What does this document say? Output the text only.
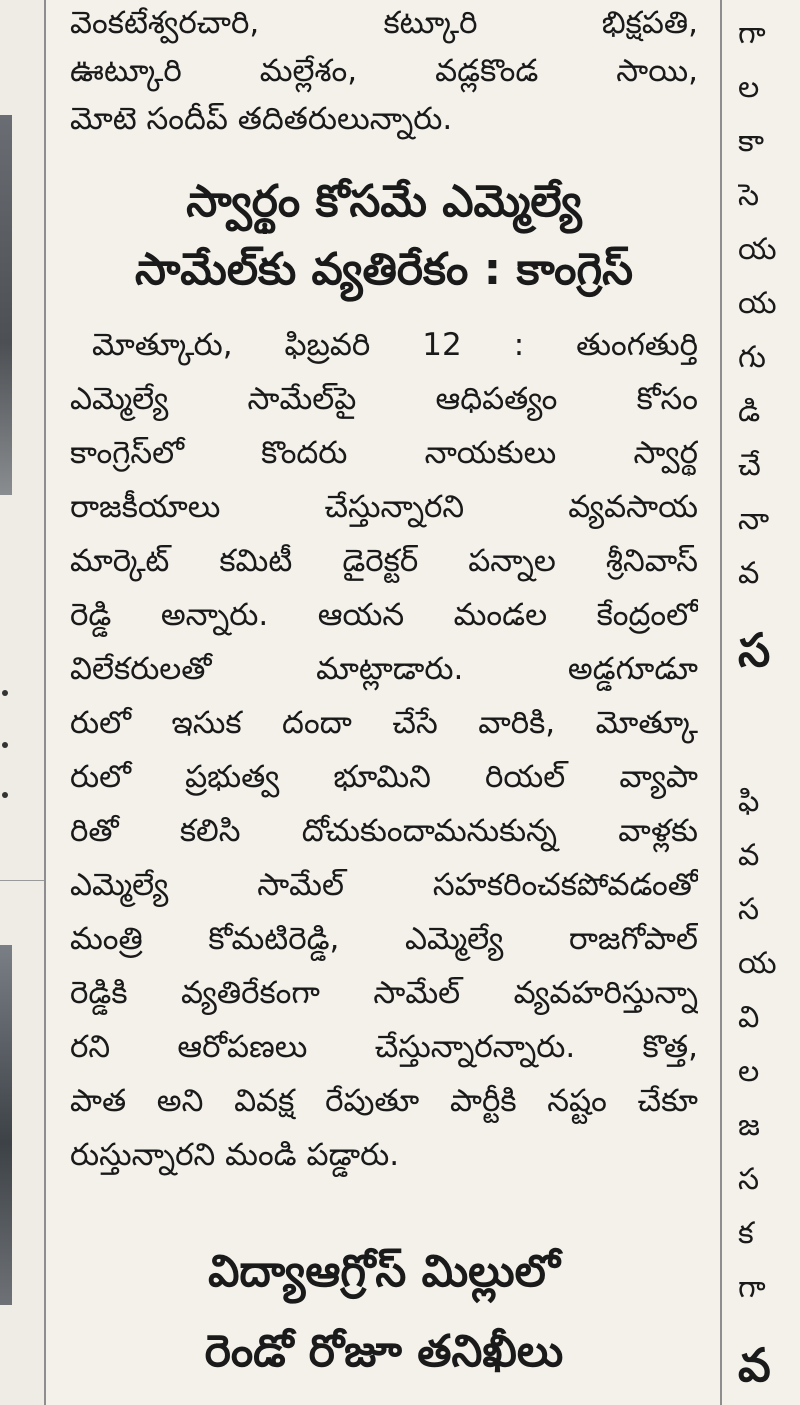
వెంకటేశ్వరచారి, కట్కూరి భిక్షపతి,
ఊట్కూరి మల్లేశం, వడ్లకొండ సాయి,
మోటె సందీప్ తదితరులున్నారు.
స్వార్థం కోసమే ఎమ్మెల్యే
సామేల్‌కు వ్యతిరేకం : కాంగ్రెస్
మోత్కూరు, ఫిబ్రవరి 12 : తుంగతుర్తి
ఎమ్మెల్యే సామేల్‌పై ఆధిపత్యం కోసం
కాంగ్రెస్‌లో కొందరు నాయకులు స్వార్థ
రాజకీయాలు చేస్తున్నారని వ్యవసాయ
మార్కెట్ కమిటీ డైరెక్టర్ పన్నాల శ్రీనివాస్
రెడ్డి అన్నారు. ఆయన మండల కేంద్రంలో
విలేకరులతో మాట్లాడారు. అడ్డగూడూ
రులో ఇసుక దందా చేసే వారికి, మోత్కూ
రులో ప్రభుత్వ భూమిని రియల్ వ్యాపా
రితో కలిసి దోచుకుందామనుకున్న వాళ్లకు
ఎమ్మెల్యే సామేల్ సహకరించకపోవడంతో
మంత్రి కోమటిరెడ్డి, ఎమ్మెల్యే రాజగోపాల్
రెడ్డికి వ్యతిరేకంగా సామేల్ వ్యవహరిస్తున్నా
రని ఆరోపణలు చేస్తున్నారన్నారు. కొత్త,
పాత అని వివక్ష రేపుతూ పార్టీకి నష్టం చేకూ
రుస్తున్నారని మండి పడ్డారు.
విద్యాఆగ్రోస్ మిల్లులో
రెండో రోజూ తనిఖీలు
గా
ల
కా
సె
య
య
గు
డి
చే
నా
వ
స
ఫి
వ
స
య
వి
ల
జ
స
క
గా
వ
